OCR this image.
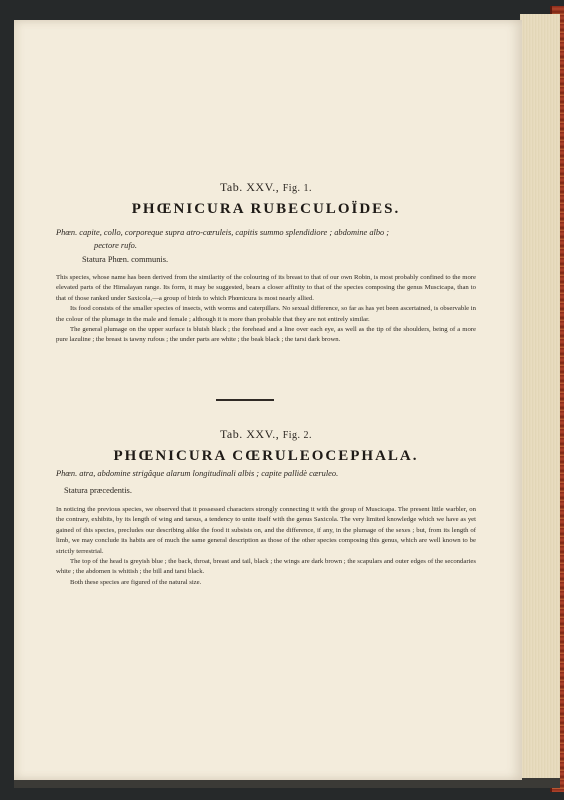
Tab. XXV., Fig. 1.
PHŒNICURA RUBECULOÏDES.
Phœn. capite, collo, corporeque supra atro-cœruleis, capitis summo splendidiore ; abdomine albo ;
pectore rufo.
Statura Phœn. communis.

This species, whose name has been derived from the similarity of the colouring of its breast to that of our own Robin, is most probably confined to the more elevated parts of the Himalayan range. Its form, it may be suggested, bears a closer affinity to that of the species composing the genus Muscicapa, than to that of those ranked under Saxicola,—a group of birds to which Phœnicura is most nearly allied.

Its food consists of the smaller species of insects, with worms and caterpillars. No sexual difference, so far as has yet been ascertained, is observable in the colour of the plumage in the male and female ; although it is more than probable that they are not entirely similar.

The general plumage on the upper surface is bluish black ; the forehead and a line over each eye, as well as the tip of the shoulders, being of a more pure lazuline ; the breast is tawny rufous ; the under parts are white ; the beak black ; the tarsi dark brown.

Tab. XXV., Fig. 2.
PHŒNICURA CŒRULEOCEPHALA.
Phœn. atra, abdomine strigâque alarum longitudinali albis ; capite pallidè cæruleo.
Statura præcedentis.

In noticing the previous species, we observed that it possessed characters strongly connecting it with the group of Muscicapa. The present little warbler, on the contrary, exhibits, by its length of wing and tarsus, a tendency to unite itself with the genus Saxicola. The very limited knowledge which we have as yet gained of this species, precludes our describing alike the food it subsists on, and the difference, if any, in the plumage of the sexes ; but, from its length of limb, we may conclude its habits are of much the same general description as those of the other species composing this genus, which are well known to be strictly terrestrial.

The top of the head is greyish blue ; the back, throat, breast and tail, black ; the wings are dark brown ; the scapulars and outer edges of the secondaries white ; the abdomen is whitish ; the bill and tarsi black.

Both these species are figured of the natural size.
